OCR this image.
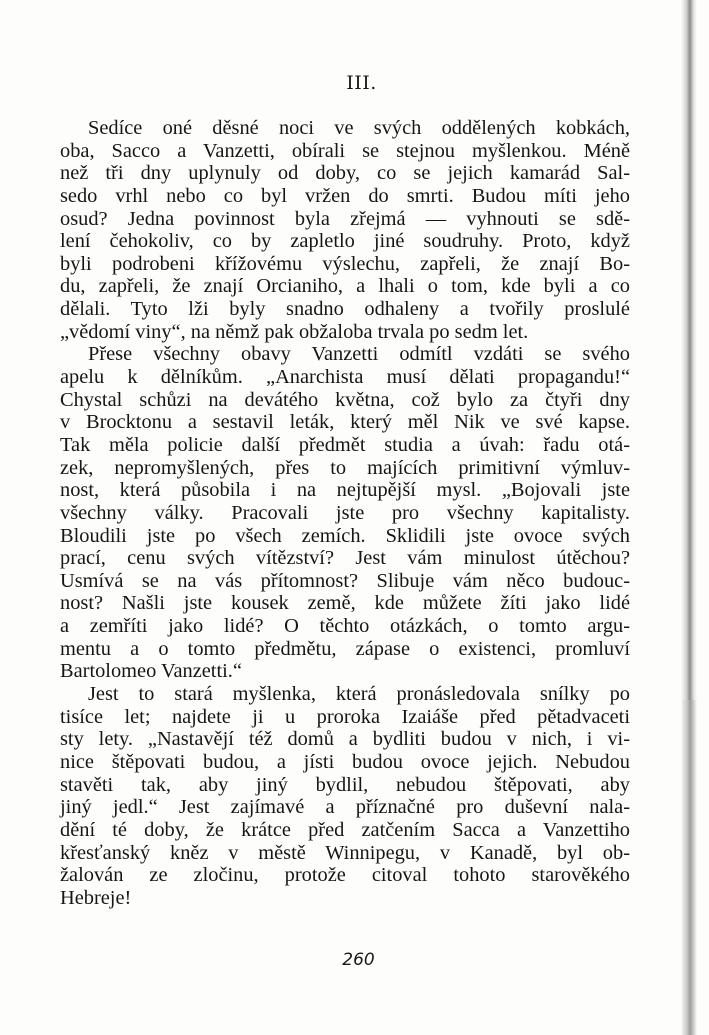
III.
Sedíce oné děsné noci ve svých oddělených kobkách,
oba, Sacco a Vanzetti, obírali se stejnou myšlenkou. Méně
než tři dny uplynuly od doby, co se jejich kamarád Sal-
sedo vrhl nebo co byl vržen do smrti. Budou míti jeho
osud? Jedna povinnost byla zřejmá — vyhnouti se sdě-
lení čehokoliv, co by zapletlo jiné soudruhy. Proto, když
byli podrobeni křížovému výslechu, zapřeli, že znají Bo-
du, zapřeli, že znají Orcianiho, a lhali o tom, kde byli a co
dělali. Tyto lži byly snadno odhaleny a tvořily proslulé
„vědomí viny“, na němž pak obžaloba trvala po sedm let.
Přese všechny obavy Vanzetti odmítl vzdáti se svého
apelu k dělníkům. „Anarchista musí dělati propagandu!“
Chystal schůzi na devátého května, což bylo za čtyři dny
v Brocktonu a sestavil leták, který měl Nik ve své kapse.
Tak měla policie další předmět studia a úvah: řadu otá-
zek, nepromyšlených, přes to majících primitivní výmluv-
nost, která působila i na nejtupější mysl. „Bojovali jste
všechny války. Pracovali jste pro všechny kapitalisty.
Bloudili jste po všech zemích. Sklidili jste ovoce svých
prací, cenu svých vítězství? Jest vám minulost útěchou?
Usmívá se na vás přítomnost? Slibuje vám něco budouc-
nost? Našli jste kousek země, kde můžete žíti jako lidé
a zemříti jako lidé? O těchto otázkách, o tomto argu-
mentu a o tomto předmětu, zápase o existenci, promluví
Bartolomeo Vanzetti.“
Jest to stará myšlenka, která pronásledovala snílky po
tisíce let; najdete ji u proroka Izaiáše před pětadvaceti
sty lety. „Nastavějí též domů a bydliti budou v nich, i vi-
nice štěpovati budou, a jísti budou ovoce jejich. Nebudou
stavěti tak, aby jiný bydlil, nebudou štěpovati, aby
jiný jedl.“ Jest zajímavé a příznačné pro duševní nala-
dění té doby, že krátce před zatčením Sacca a Vanzettiho
křesťanský kněz v městě Winnipegu, v Kanadě, byl ob-
žalován ze zločinu, protože citoval tohoto starověkého
Hebreje!
260
